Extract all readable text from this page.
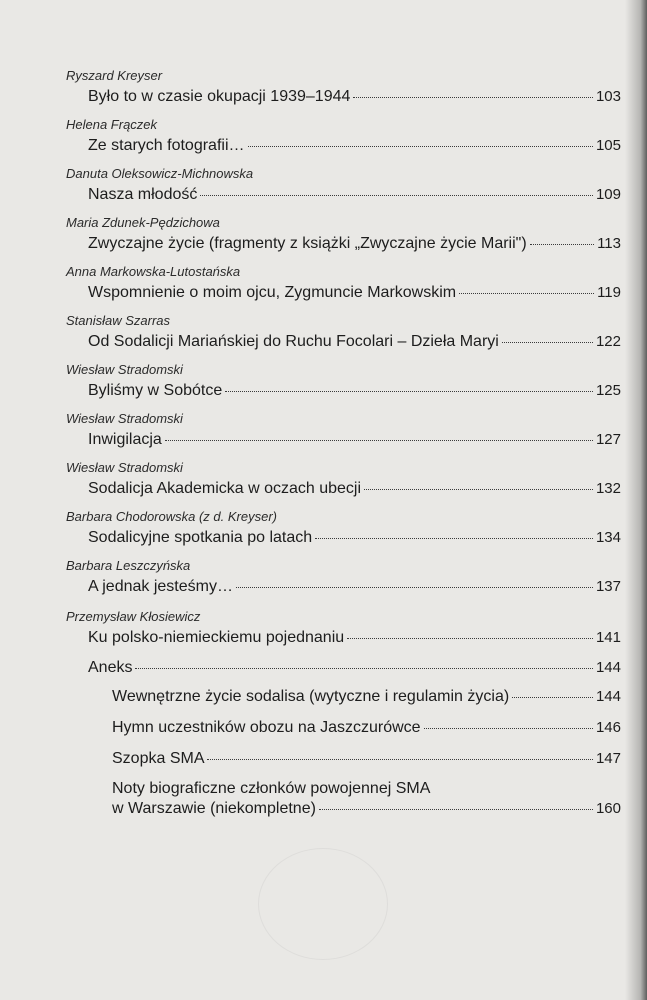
Ryszard Kreyser
Było to w czasie okupacji 1939–1944	103
Helena Frączek
Ze starych fotografii…	105
Danuta Oleksowicz-Michnowska
Nasza młodość	109
Maria Zdunek-Pędzichowa
Zwyczajne życie (fragmenty z książki „Zwyczajne życie Marii")	113
Anna Markowska-Lutostańska
Wspomnienie o moim ojcu, Zygmuncie Markowskim	119
Stanisław Szarras
Od Sodalicji Mariańskiej do Ruchu Focolari – Dzieła Maryi	122
Wiesław Stradomski
Byliśmy w Sobótce	125
Wiesław Stradomski
Inwigilacja	127
Wiesław Stradomski
Sodalicja Akademicka w oczach ubecji	132
Barbara Chodorowska (z d. Kreyser)
Sodalicyjne spotkania po latach	134
Barbara Leszczyńska
A jednak jesteśmy…	137
Przemysław Kłosiewicz
Ku polsko-niemieckiemu pojednaniu	141
Aneks	144
Wewnętrzne życie sodalisa (wytyczne i regulamin życia)	144
Hymn uczestników obozu na Jaszczurówce	146
Szopka SMA	147
Noty biograficzne członków powojennej SMA
w Warszawie (niekompletne)	160
